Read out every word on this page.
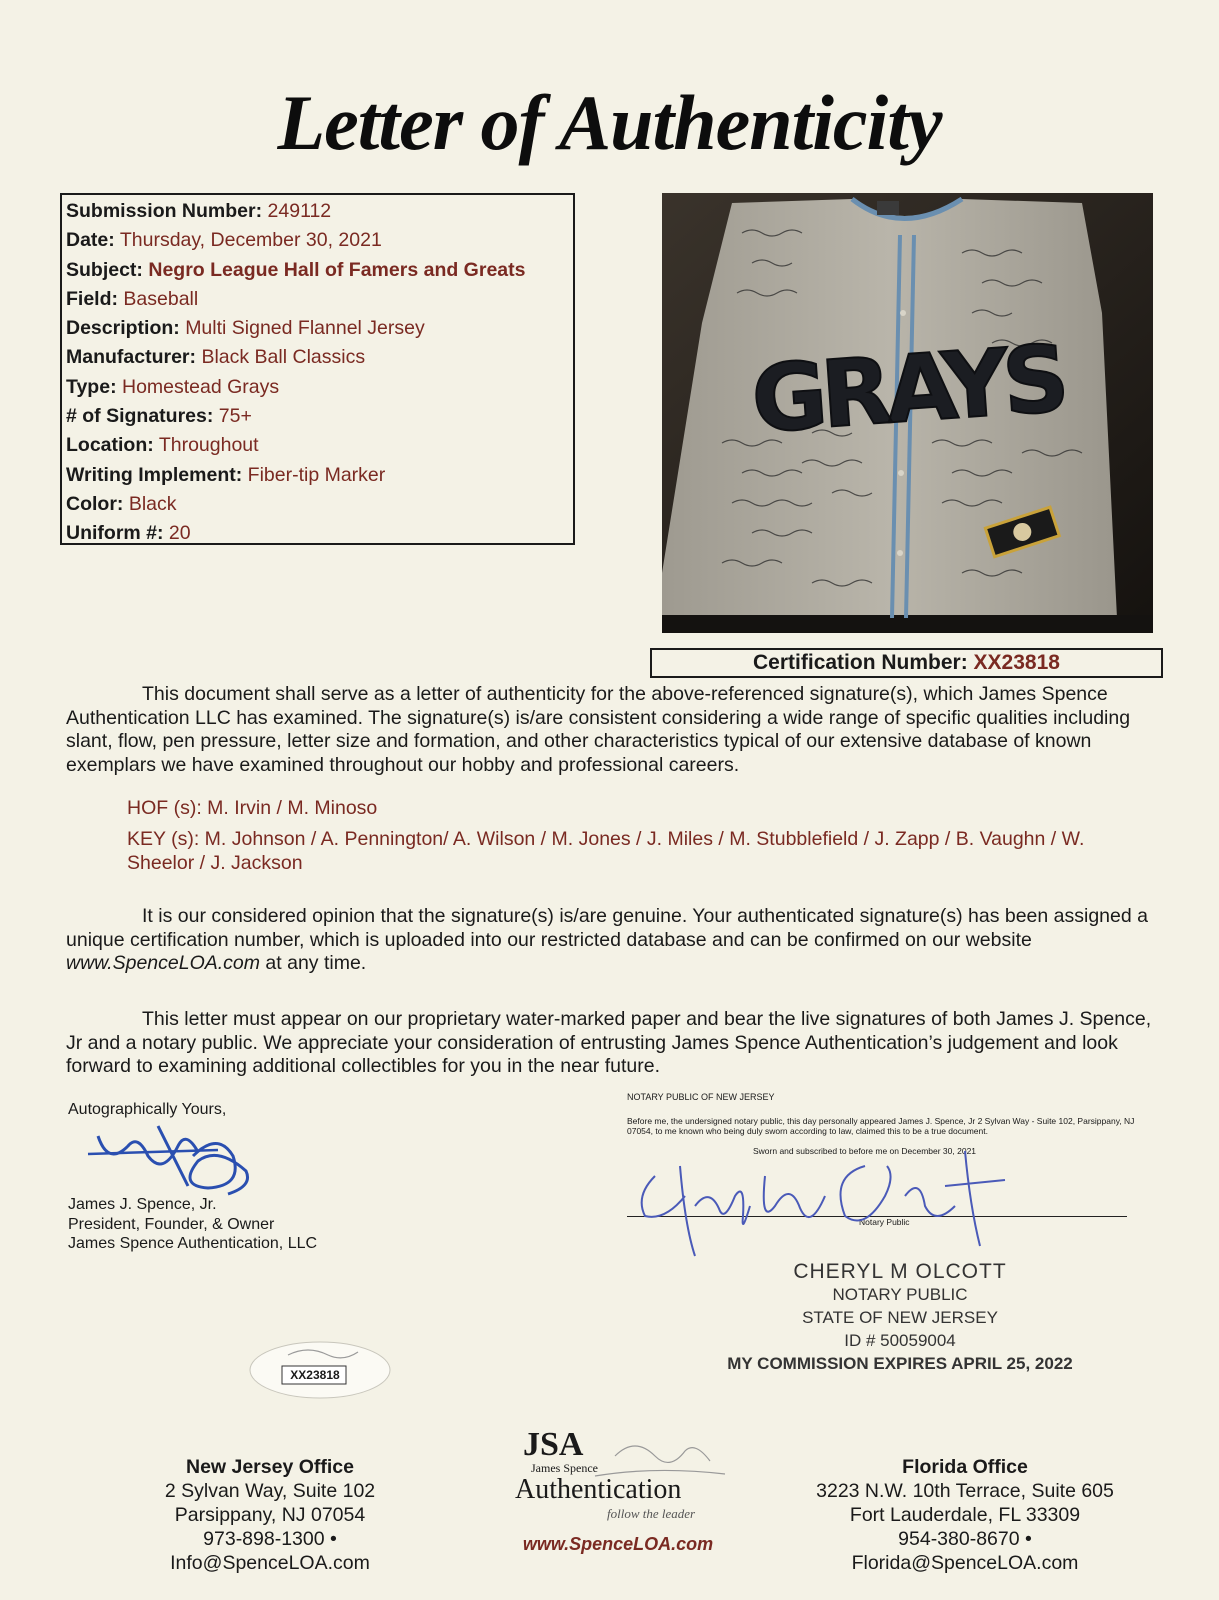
Letter of Authenticity
Submission Number: 249112
Date: Thursday, December 30, 2021
Subject: Negro League Hall of Famers and Greats
Field: Baseball
Description: Multi Signed Flannel Jersey
Manufacturer: Black Ball Classics
Type: Homestead Grays
# of Signatures: 75+
Location: Throughout
Writing Implement: Fiber-tip Marker
Color: Black
Uniform #: 20
GRAYS
Certification Number: XX23818
This document shall serve as a letter of authenticity for the above-referenced signature(s), which James Spence Authentication LLC has examined. The signature(s) is/are consistent considering a wide range of specific qualities including slant, flow, pen pressure, letter size and formation, and other characteristics typical of our extensive database of known exemplars we have examined throughout our hobby and professional careers.
HOF (s): M. Irvin / M. Minoso
KEY (s): M. Johnson / A. Pennington/ A. Wilson / M. Jones / J. Miles / M. Stubblefield / J. Zapp / B. Vaughn / W. Sheelor / J. Jackson
It is our considered opinion that the signature(s) is/are genuine. Your authenticated signature(s) has been assigned a unique certification number, which is uploaded into our restricted database and can be confirmed on our website www.SpenceLOA.com at any time.
This letter must appear on our proprietary water-marked paper and bear the live signatures of both James J. Spence, Jr and a notary public. We appreciate your consideration of entrusting James Spence Authentication’s judgement and look forward to examining additional collectibles for you in the near future.
Autographically Yours,
James J. Spence, Jr.
President, Founder, & Owner
James Spence Authentication, LLC
NOTARY PUBLIC OF NEW JERSEY
Before me, the undersigned notary public, this day personally appeared James J. Spence, Jr 2 Sylvan Way - Suite 102, Parsippany, NJ 07054, to me known who being duly sworn according to law, claimed this to be a true document.
Sworn and subscribed to before me on December 30, 2021
Notary Public
CHERYL M OLCOTT
NOTARY PUBLIC
STATE OF NEW JERSEY
ID # 50059004
MY COMMISSION EXPIRES APRIL 25, 2022
XX23818
New Jersey Office
2 Sylvan Way, Suite 102
Parsippany, NJ 07054
973-898-1300 • Info@SpenceLOA.com
JSA
James Spence
Authentication
follow the leader
www.SpenceLOA.com
Florida Office
3223 N.W. 10th Terrace, Suite 605
Fort Lauderdale, FL 33309
954-380-8670 • Florida@SpenceLOA.com
